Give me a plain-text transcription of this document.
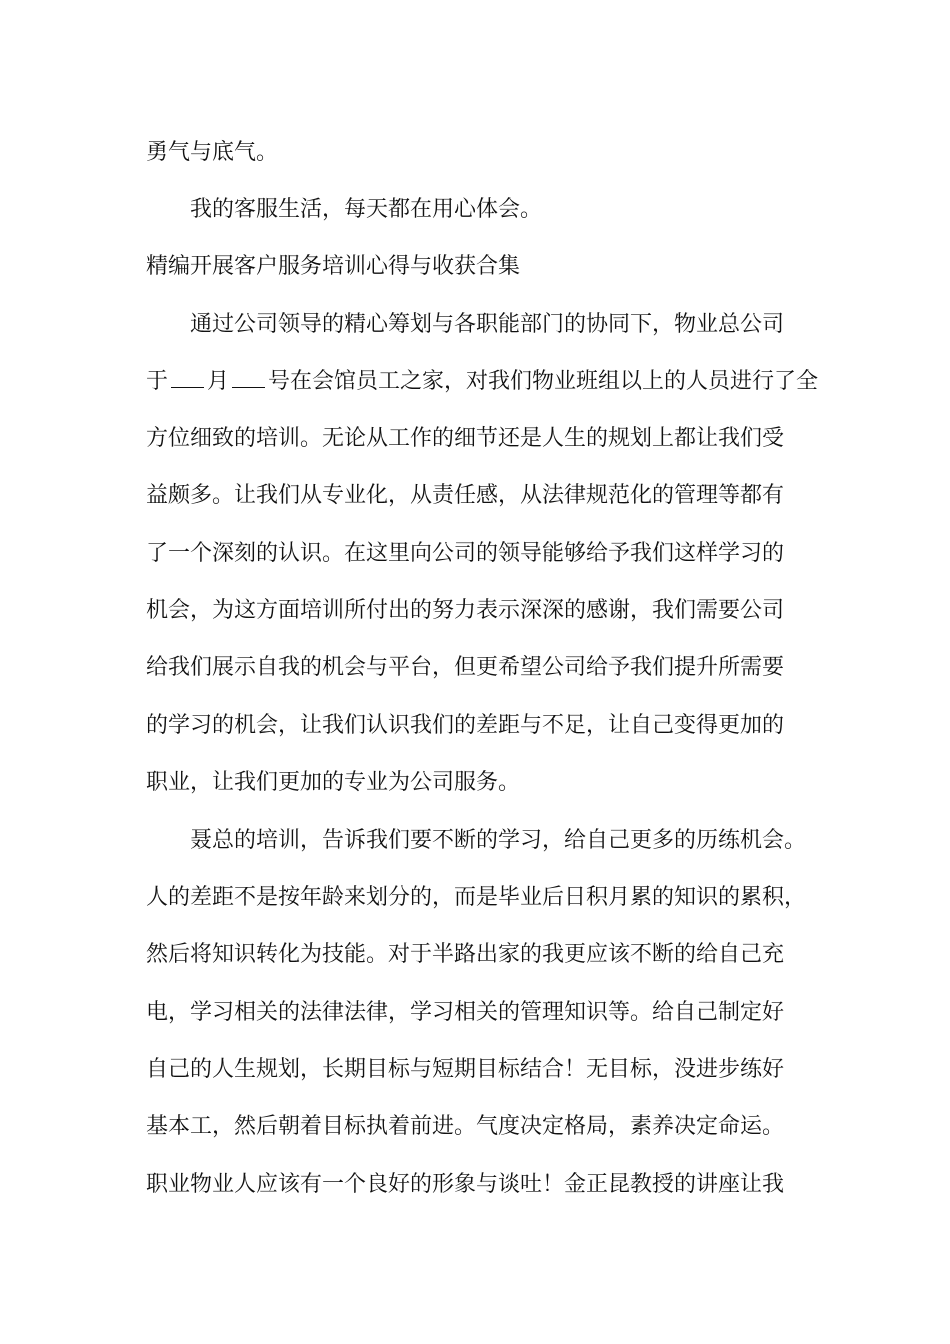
勇气与底气。
我的客服生活，每天都在用心体会。
精编开展客户服务培训心得与收获合集
通过公司领导的精心筹划与各职能部门的协同下，物业总公司
于 月 号在会馆员工之家，对我们物业班组以上的人员进行了全
方位细致的培训。无论从工作的细节还是人生的规划上都让我们受
益颇多。让我们从专业化，从责任感，从法律规范化的管理等都有
了一个深刻的认识。在这里向公司的领导能够给予我们这样学习的
机会，为这方面培训所付出的努力表示深深的感谢，我们需要公司
给我们展示自我的机会与平台，但更希望公司给予我们提升所需要
的学习的机会，让我们认识我们的差距与不足，让自己变得更加的
职业，让我们更加的专业为公司服务。
聂总的培训，告诉我们要不断的学习，给自己更多的历练机会。
人的差距不是按年龄来划分的，而是毕业后日积月累的知识的累积，
然后将知识转化为技能。对于半路出家的我更应该不断的给自己充
电，学习相关的法律法律，学习相关的管理知识等。给自己制定好
自己的人生规划，长期目标与短期目标结合！无目标，没进步练好
基本工，然后朝着目标执着前进。气度决定格局，素养决定命运。
职业物业人应该有一个良好的形象与谈吐！金正昆教授的讲座让我
